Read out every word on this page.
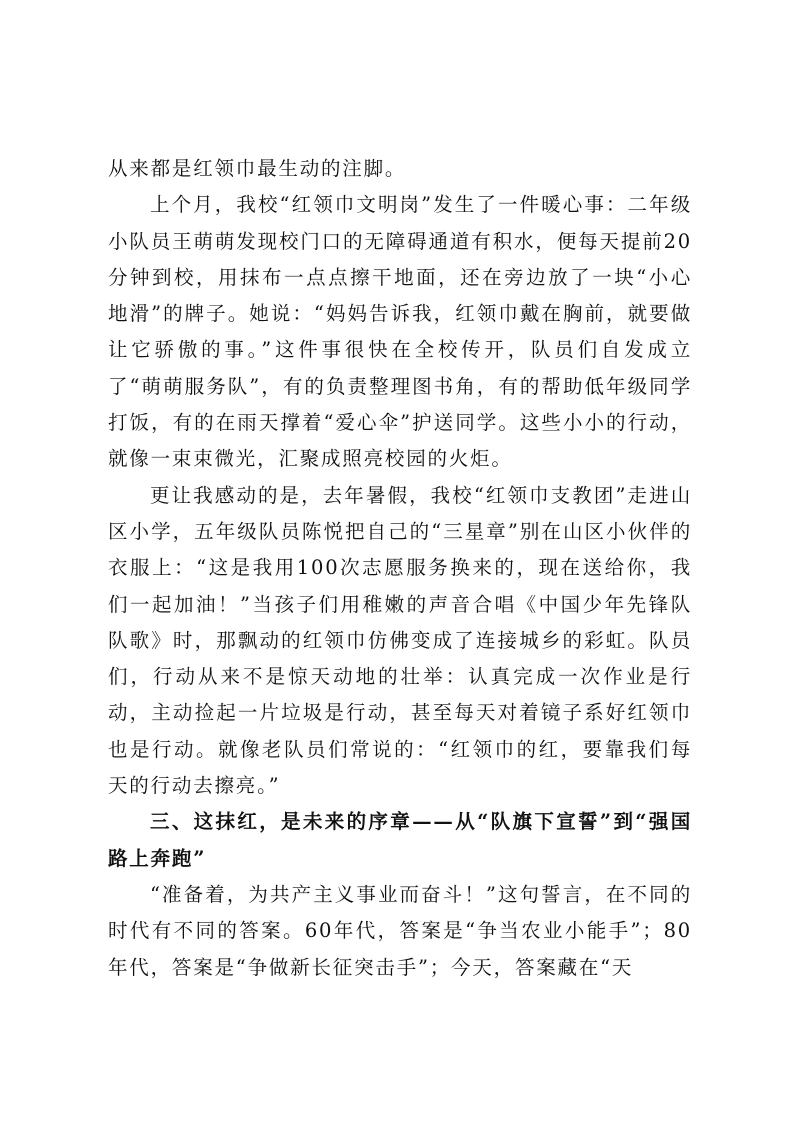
从来都是红领巾最生动的注脚。

上个月，我校“红领巾文明岗”发生了一件暖心事：二年级小队员王萌萌发现校门口的无障碍通道有积水，便每天提前20分钟到校，用抹布一点点擦干地面，还在旁边放了一块“小心地滑”的牌子。她说：“妈妈告诉我，红领巾戴在胸前，就要做让它骄傲的事。”这件事很快在全校传开，队员们自发成立了“萌萌服务队”，有的负责整理图书角，有的帮助低年级同学打饭，有的在雨天撑着“爱心伞”护送同学。这些小小的行动，就像一束束微光，汇聚成照亮校园的火炬。

更让我感动的是，去年暑假，我校“红领巾支教团”走进山区小学，五年级队员陈悦把自己的“三星章”别在山区小伙伴的衣服上：“这是我用100次志愿服务换来的，现在送给你，我们一起加油！”当孩子们用稚嫩的声音合唱《中国少年先锋队队歌》时，那飘动的红领巾仿佛变成了连接城乡的彩虹。队员们，行动从来不是惊天动地的壮举：认真完成一次作业是行动，主动捡起一片垃圾是行动，甚至每天对着镜子系好红领巾也是行动。就像老队员们常说的：“红领巾的红，要靠我们每天的行动去擦亮。”

三、这抹红，是未来的序章——从“队旗下宣誓”到“强国路上奔跑”

“准备着，为共产主义事业而奋斗！”这句誓言，在不同的时代有不同的答案。60年代，答案是“争当农业小能手”；80年代，答案是“争做新长征突击手”；今天，答案藏在“天
